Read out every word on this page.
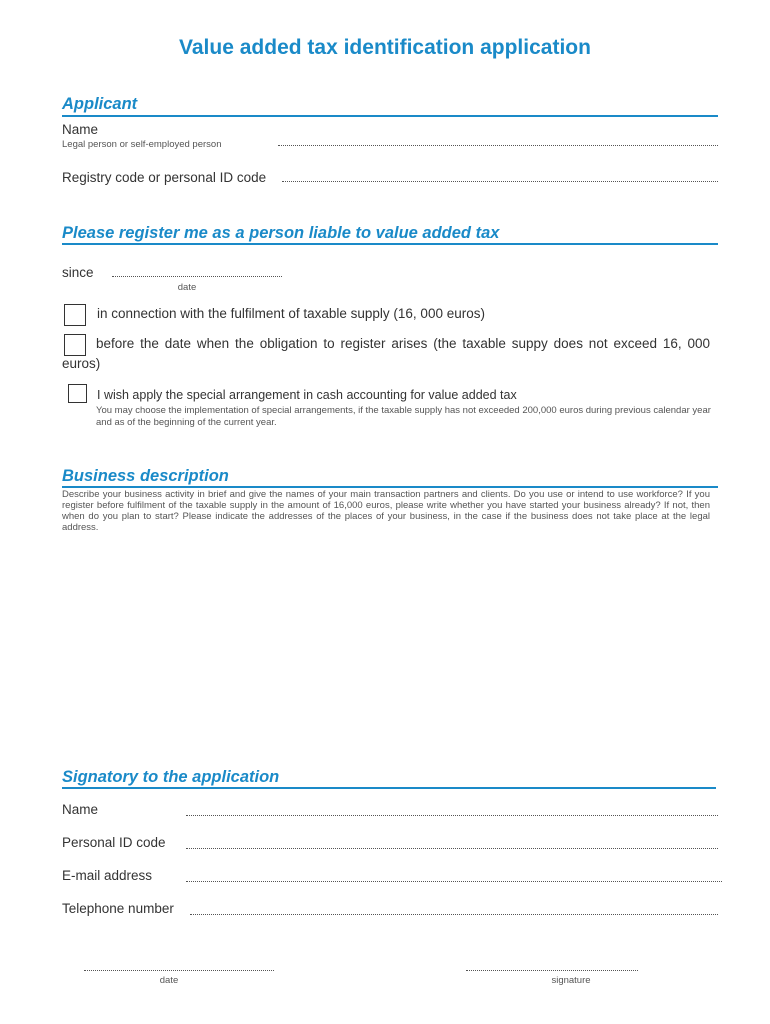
Value added tax identification application
Applicant
Name
Legal person or self-employed person
Registry code or personal ID code
Please register me as a person liable to value added tax
since
date
in connection with the fulfilment of taxable supply (16, 000 euros)
before the date when the obligation to register arises (the taxable suppy does not exceed 16, 000 euros)
I wish apply the special arrangement in cash accounting for value added tax
You may choose the implementation of special arrangements, if the taxable supply has not exceeded 200,000 euros during previous calendar year and as of the beginning of the current year.
Business description
Describe your business activity in brief and give the names of your main transaction partners and clients. Do you use or intend to use workforce? If you register before fulfilment of the taxable supply in the amount of 16,000 euros, please write whether you have started your business already? If not, then when do you plan to start? Please indicate the addresses of the places of your business, in the case if the business does not take place at the legal address.
Signatory to the application
Name
Personal ID code
E-mail address
Telephone number
date	signature
